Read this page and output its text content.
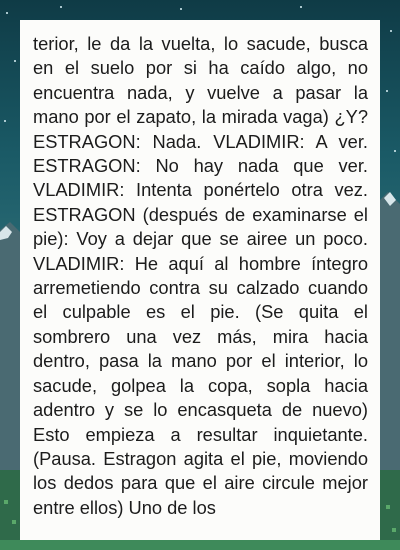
terior, le da la vuelta, lo sacude, busca en el suelo por si ha caído algo, no encuentra nada, y vuelve a pasar la mano por el zapato, la mirada vaga) ¿Y? ESTRAGON: Nada. VLADIMIR: A ver. ESTRAGON: No hay nada que ver. VLADIMIR: Intenta ponértelo otra vez. ESTRAGON (después de examinarse el pie): Voy a dejar que se airee un poco. VLADIMIR: He aquí al hombre íntegro arremetiendo contra su calzado cuando el culpable es el pie. (Se quita el sombrero una vez más, mira hacia dentro, pasa la mano por el interior, lo sacude, golpea la copa, sopla hacia adentro y se lo encasqueta de nuevo) Esto empieza a resultar inquietante. (Pausa. Estragon agita el pie, moviendo los dedos para que el aire circule mejor entre ellos) Uno de los
